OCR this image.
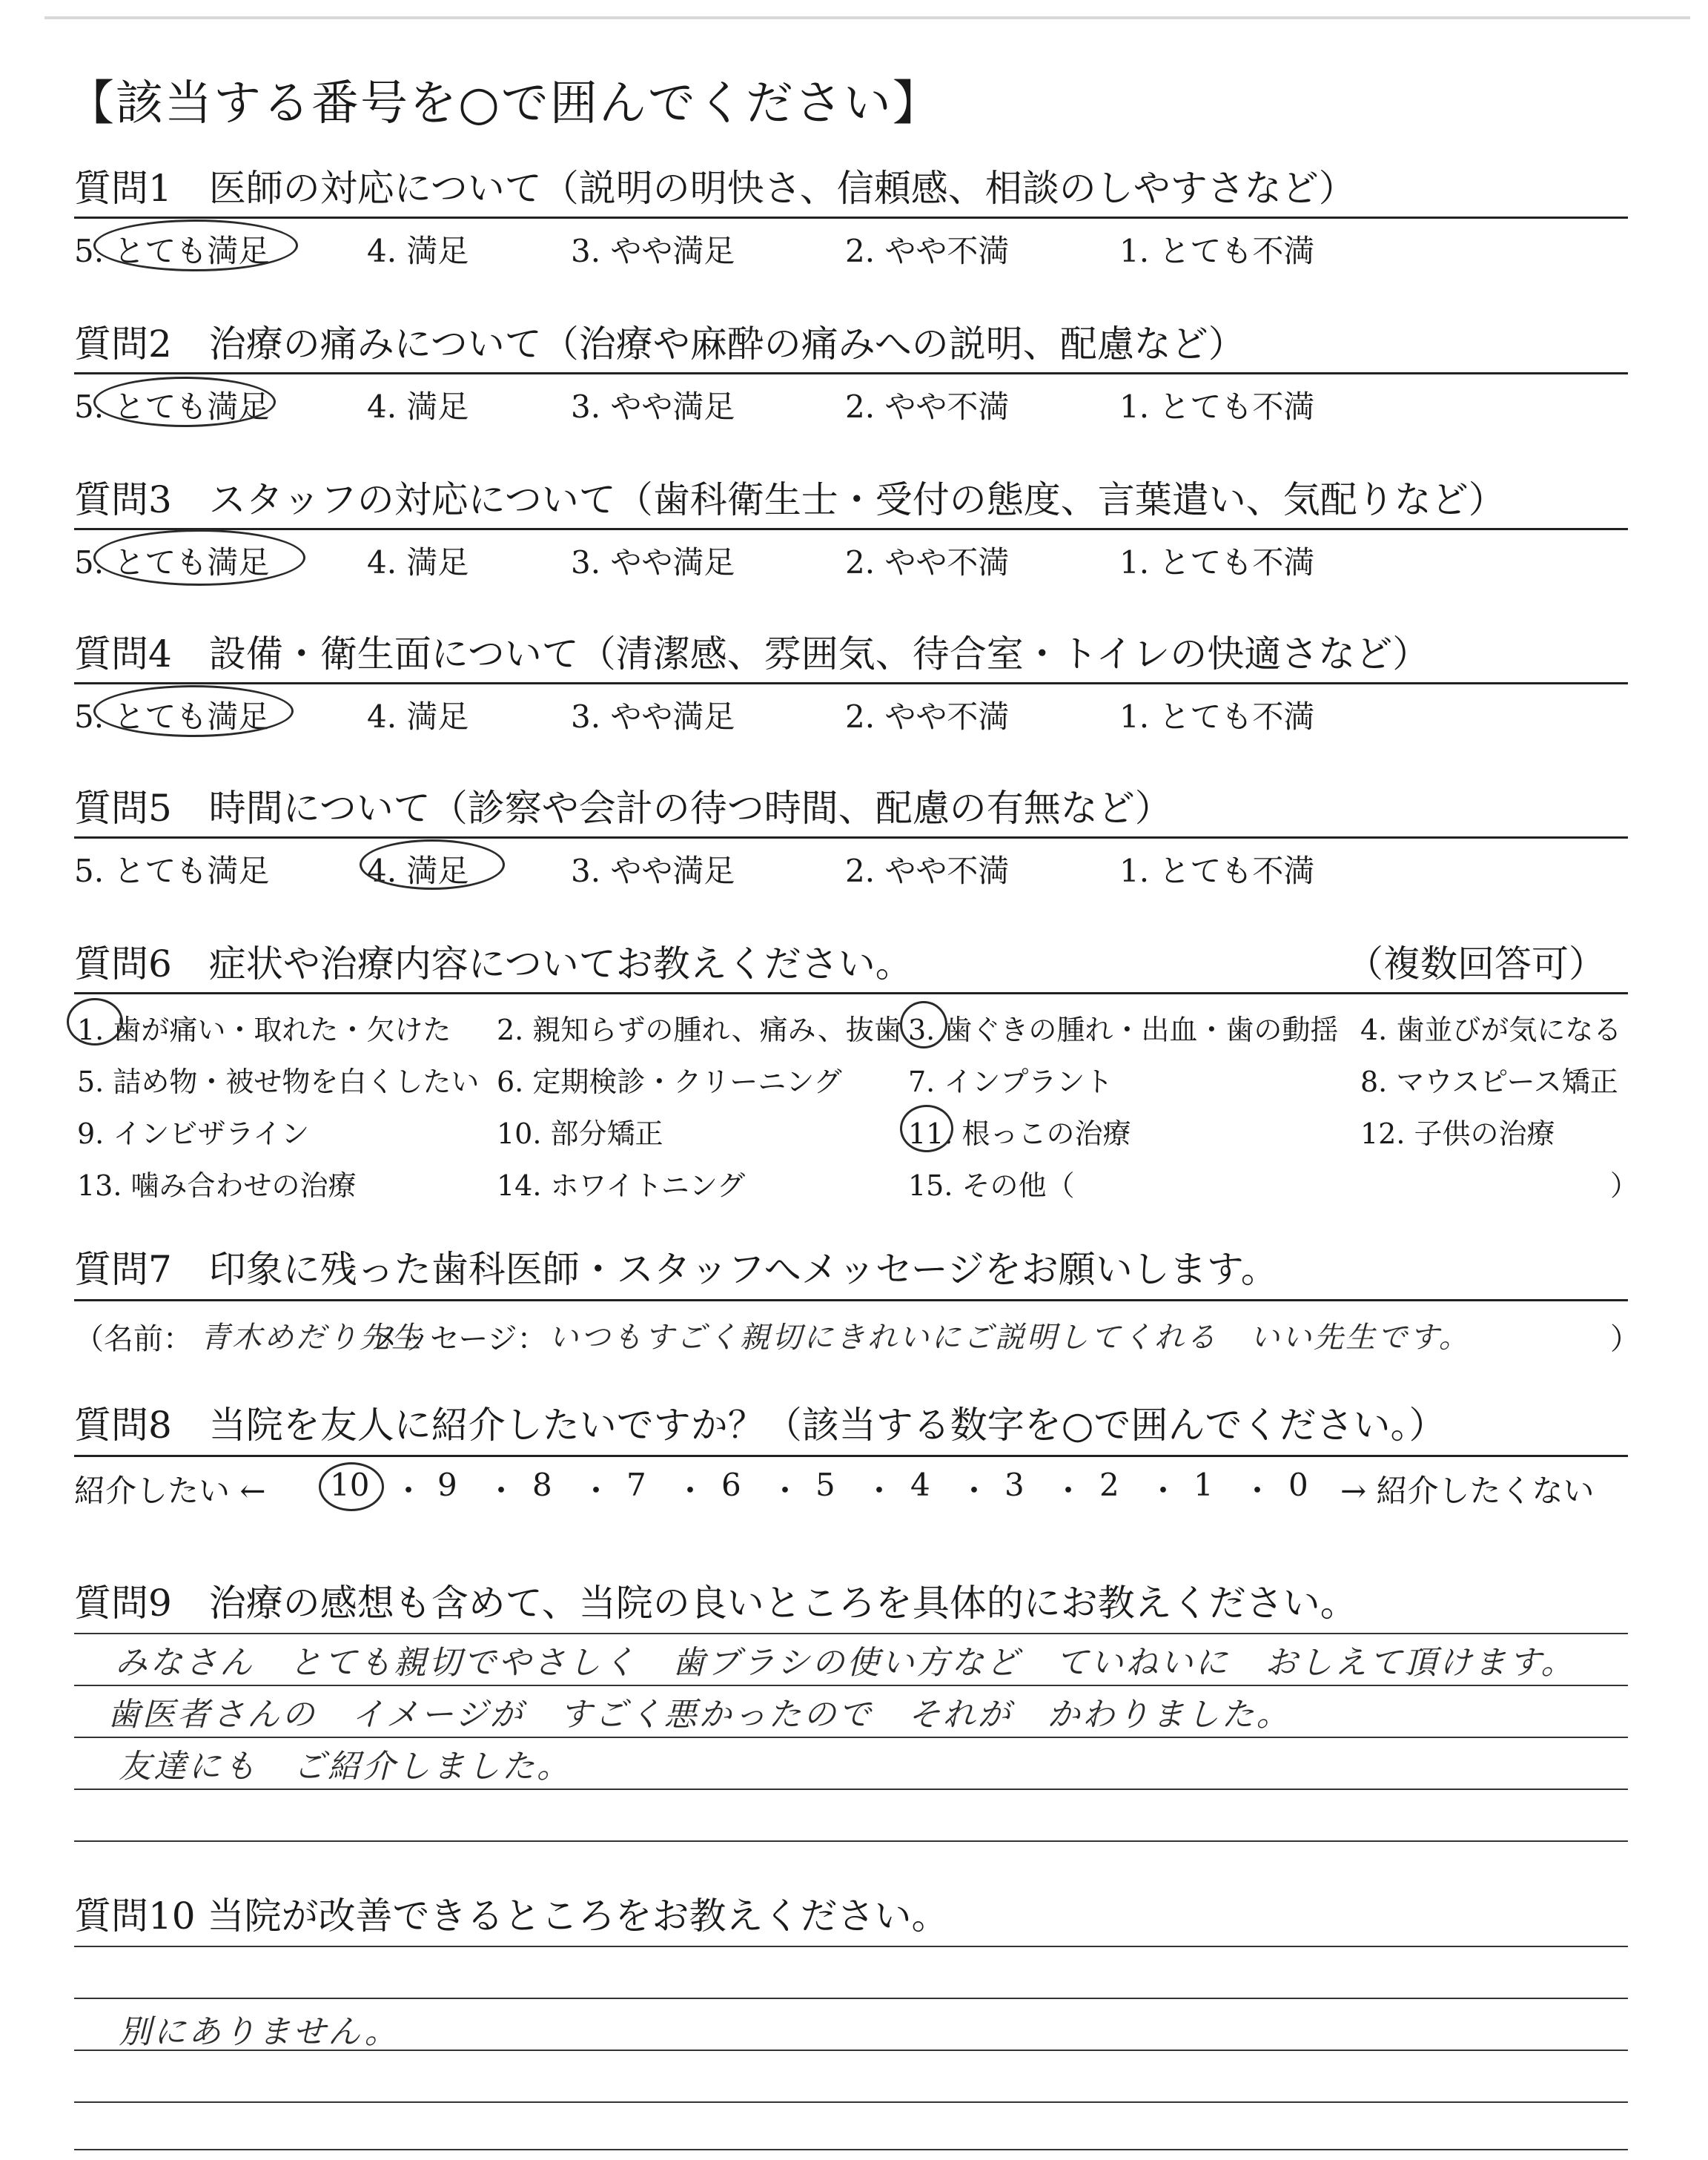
【該当する番号を○で囲んでください】
質問1　医師の対応について（説明の明快さ、信頼感、相談のしやすさなど）
5. とても満足	4. 満足	3. やや満足	2. やや不満	1. とても不満
質問2　治療の痛みについて（治療や麻酔の痛みへの説明、配慮など）
5. とても満足	4. 満足	3. やや満足	2. やや不満	1. とても不満
質問3　スタッフの対応について（歯科衛生士・受付の態度、言葉遣い、気配りなど）
5. とても満足	4. 満足	3. やや満足	2. やや不満	1. とても不満
質問4　設備・衛生面について（清潔感、雰囲気、待合室・トイレの快適さなど）
5. とても満足	4. 満足	3. やや満足	2. やや不満	1. とても不満
質問5　時間について（診察や会計の待つ時間、配慮の有無など）
5. とても満足	4. 満足	3. やや満足	2. やや不満	1. とても不満
質問6　症状や治療内容についてお教えください。	（複数回答可）
1. 歯が痛い・取れた・欠けた 2. 親知らずの腫れ、痛み、抜歯 3. 歯ぐきの腫れ・出血・歯の動揺 4. 歯並びが気になる
5. 詰め物・被せ物を白くしたい 6. 定期検診・クリーニング 7. インプラント	8. マウスピース矯正
9. インビザライン	10. 部分矯正	11. 根っこの治療	12. 子供の治療
13. 噛み合わせの治療	14. ホワイトニング	15. その他（	）
質問7　印象に残った歯科医師・スタッフへメッセージをお願いします。
（名前： 青木めだり先生
メッセージ： いつもすごく親切にきれいにご説明してくれる　いい先生です。	）
質問8　当院を友人に紹介したいですか？（該当する数字を○で囲んでください。）
紹介したい ← 10 ・ 9 ・ 8 ・ 7 ・ 6 ・ 5 ・ 4 ・ 3 ・ 2 ・ 1 ・ 0 → 紹介したくない
質問9　治療の感想も含めて、当院の良いところを具体的にお教えください。
みなさん　とても親切でやさしく　歯ブラシの使い方など　ていねいに　おしえて頂けます。
歯医者さんの　イメージが　すごく悪かったので　それが　かわりました。
友達にも　ご紹介しました。
質問10 当院が改善できるところをお教えください。
別にありません。
